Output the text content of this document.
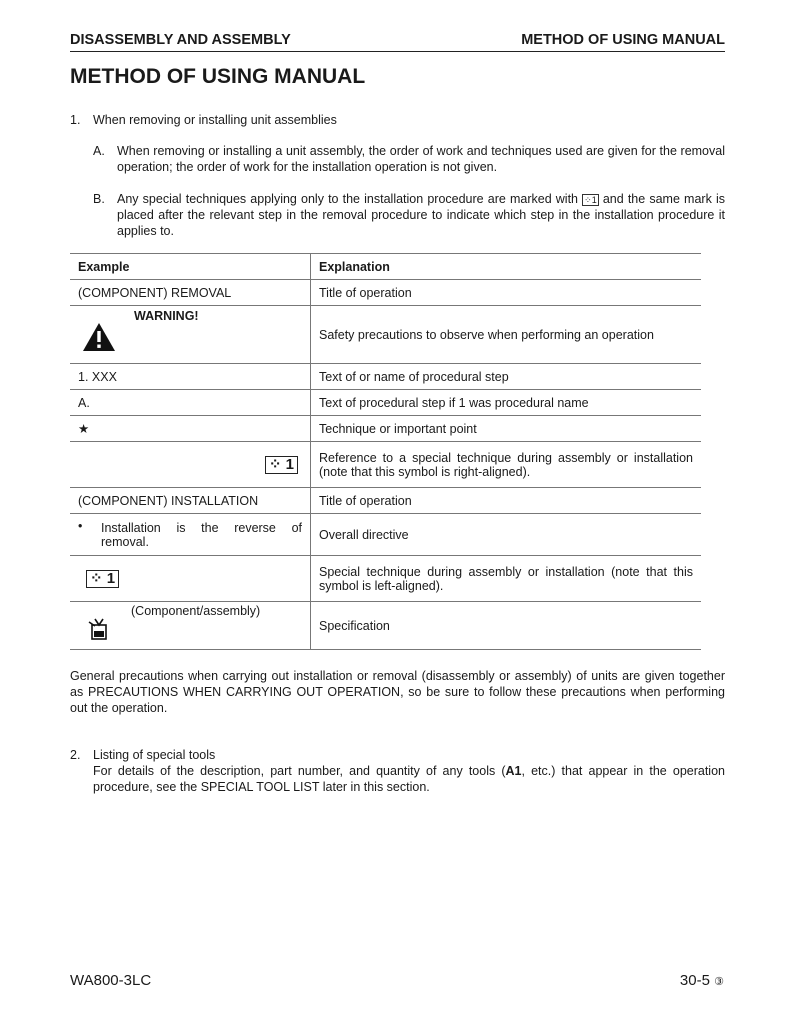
DISASSEMBLY AND ASSEMBLY	METHOD OF USING MANUAL
METHOD OF USING MANUAL
1. When removing or installing unit assemblies
A. When removing or installing a unit assembly, the order of work and techniques used are given for the removal operation; the order of work for the installation operation is not given.
B. Any special techniques applying only to the installation procedure are marked with ⁘1 and the same mark is placed after the relevant step in the removal procedure to indicate which step in the installation procedure it applies to.
Example	Explanation
(COMPONENT) REMOVAL	Title of operation

WARNING!	Safety precautions to observe when performing an operation
1. XXX	Text of or name of procedural step
A.	Text of procedural step if 1 was procedural name
★	Technique or important point
⁘ 1	Reference to a special technique during assembly or installation (note that this symbol is right-aligned).
(COMPONENT) INSTALLATION	Title of operation

• Installation is the reverse of removal.	Overall directive
⁘ 1	Special technique during assembly or installation (note that this symbol is left-aligned).

(Component/assembly)	Specification
General precautions when carrying out installation or removal (disassembly or assembly) of units are given together as PRECAUTIONS WHEN CARRYING OUT OPERATION, so be sure to follow these precautions when performing out the operation.
2. Listing of special tools
For details of the description, part number, and quantity of any tools (A1, etc.) that appear in the operation procedure, see the SPECIAL TOOL LIST later in this section.
WA800-3LC	30-5 ③
